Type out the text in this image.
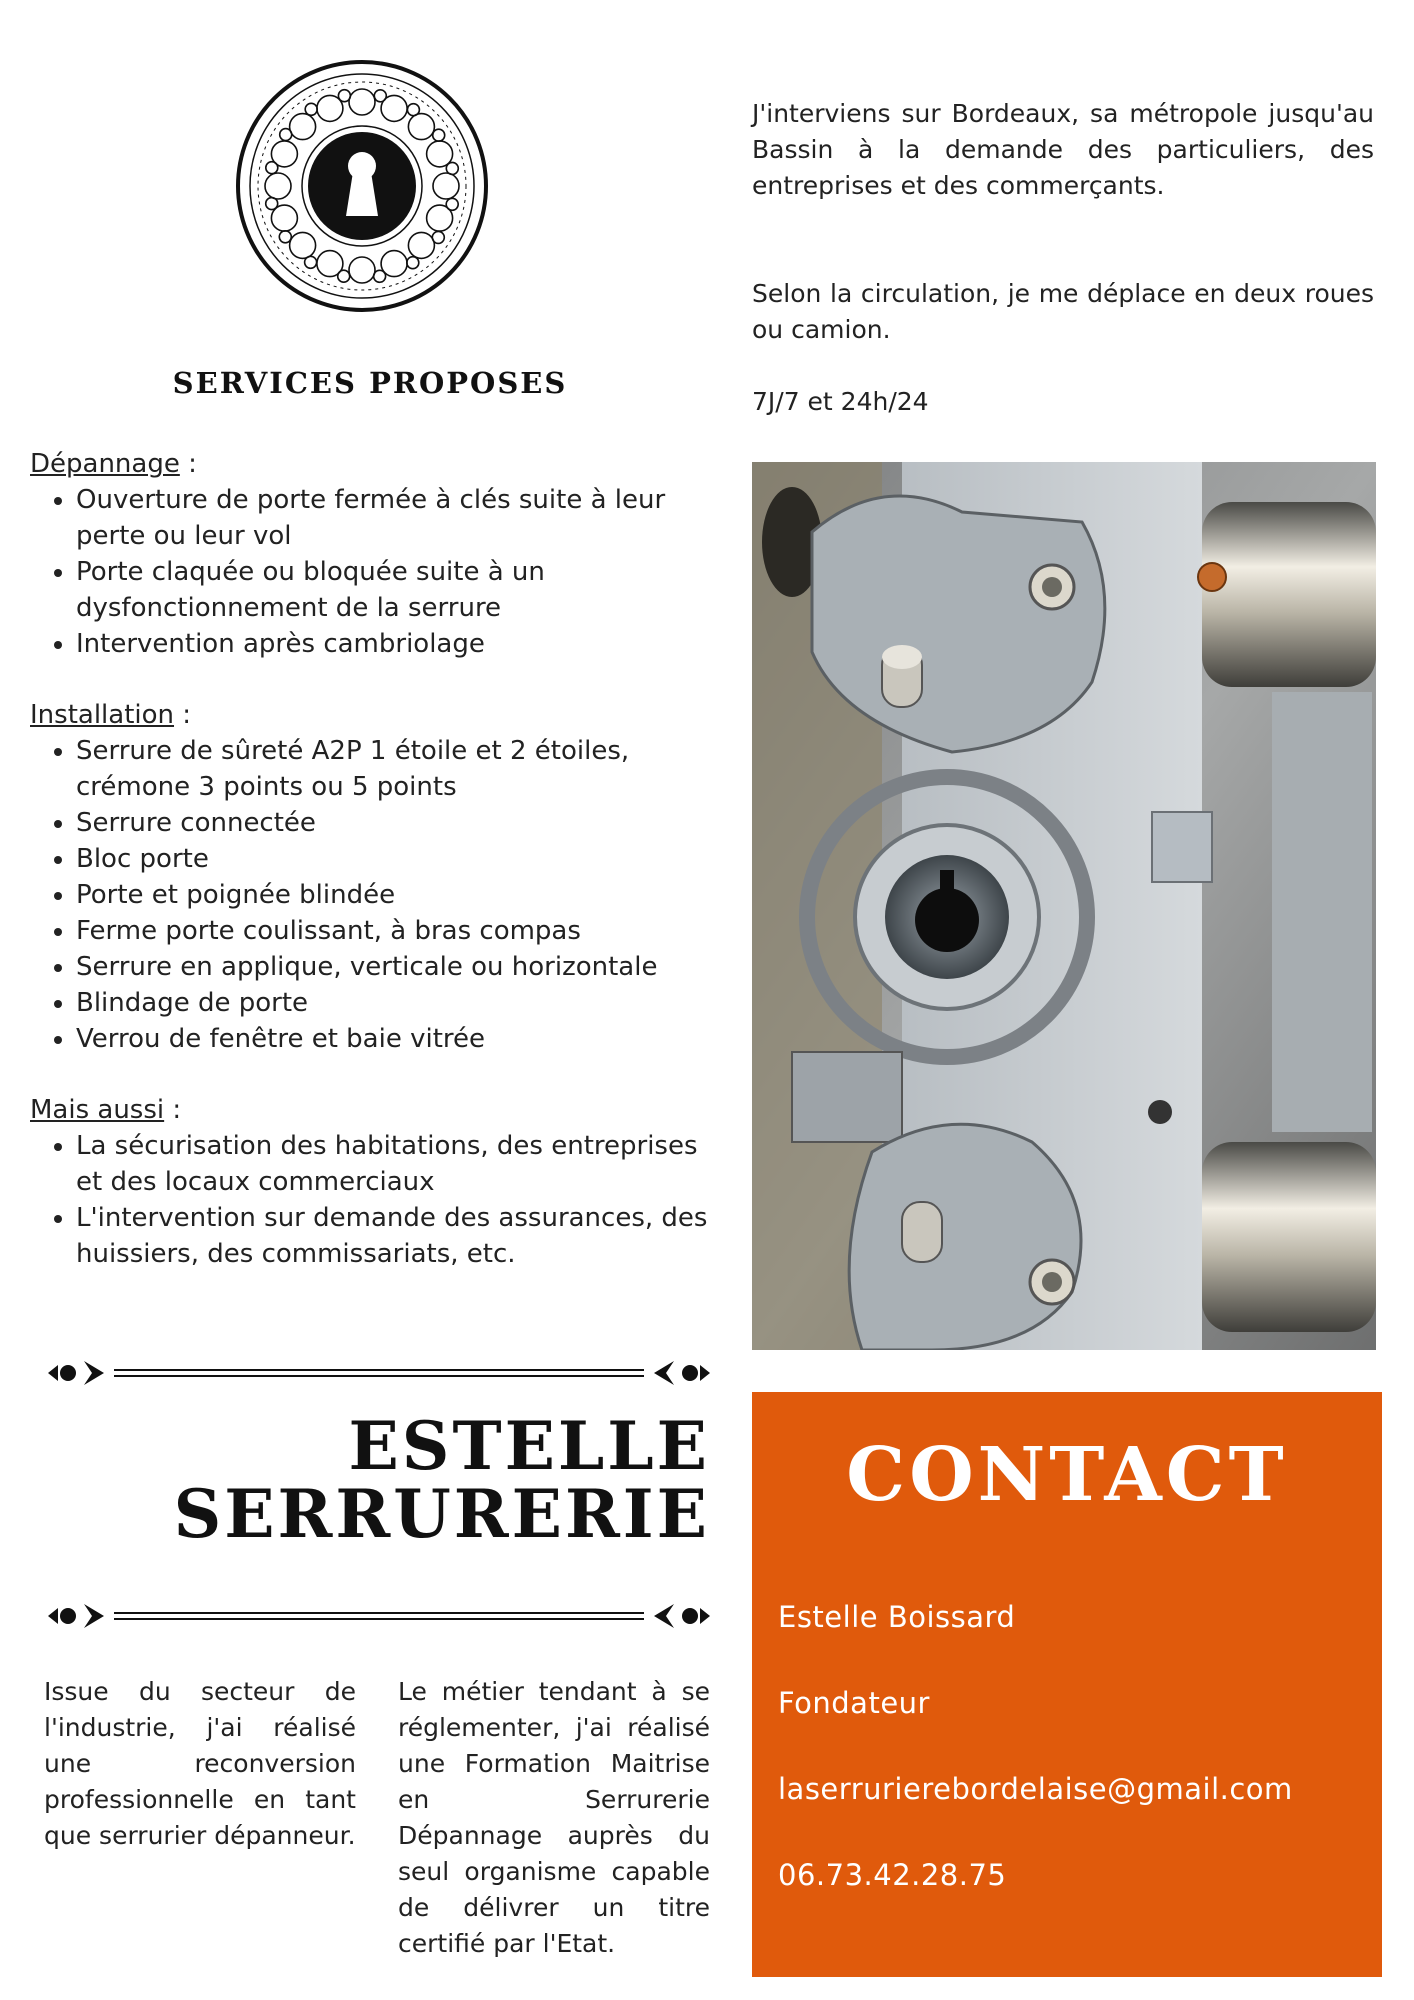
SERVICES PROPOSES

Dépannage :

• Ouverture de porte fermée à clés suite à leur perte ou leur vol
• Porte claquée ou bloquée suite à un dysfonctionnement de la serrure
• Intervention après cambriolage

Installation :

• Serrure de sûreté A2P 1 étoile et 2 étoiles, crémone 3 points ou 5 points
• Serrure connectée
• Bloc porte
• Porte et poignée blindée
• Ferme porte coulissant, à bras compas
• Serrure en applique, verticale ou horizontale
• Blindage de porte
• Verrou de fenêtre et baie vitrée

Mais aussi :

• La sécurisation des habitations, des entreprises et des locaux commerciaux
• L'intervention sur demande des assurances, des huissiers, des commissariats, etc.
ESTELLE
SERRURERIE
Issue du secteur de l'industrie, j'ai réalisé une reconversion professionnelle en tant que serrurier dépanneur.
Le métier tendant à se réglementer, j'ai réalisé une Formation Maitrise en Serrurerie Dépannage auprès du seul organisme capable de délivrer un titre certifié par l'Etat.
J'interviens sur Bordeaux, sa métropole jusqu'au Bassin à la demande des particuliers, des entreprises et des commerçants.
Selon la circulation, je me déplace en deux roues ou camion.
7J/7 et 24h/24
CONTACT
Estelle Boissard
Fondateur
laserrurierebordelaise@gmail.com
06.73.42.28.75
